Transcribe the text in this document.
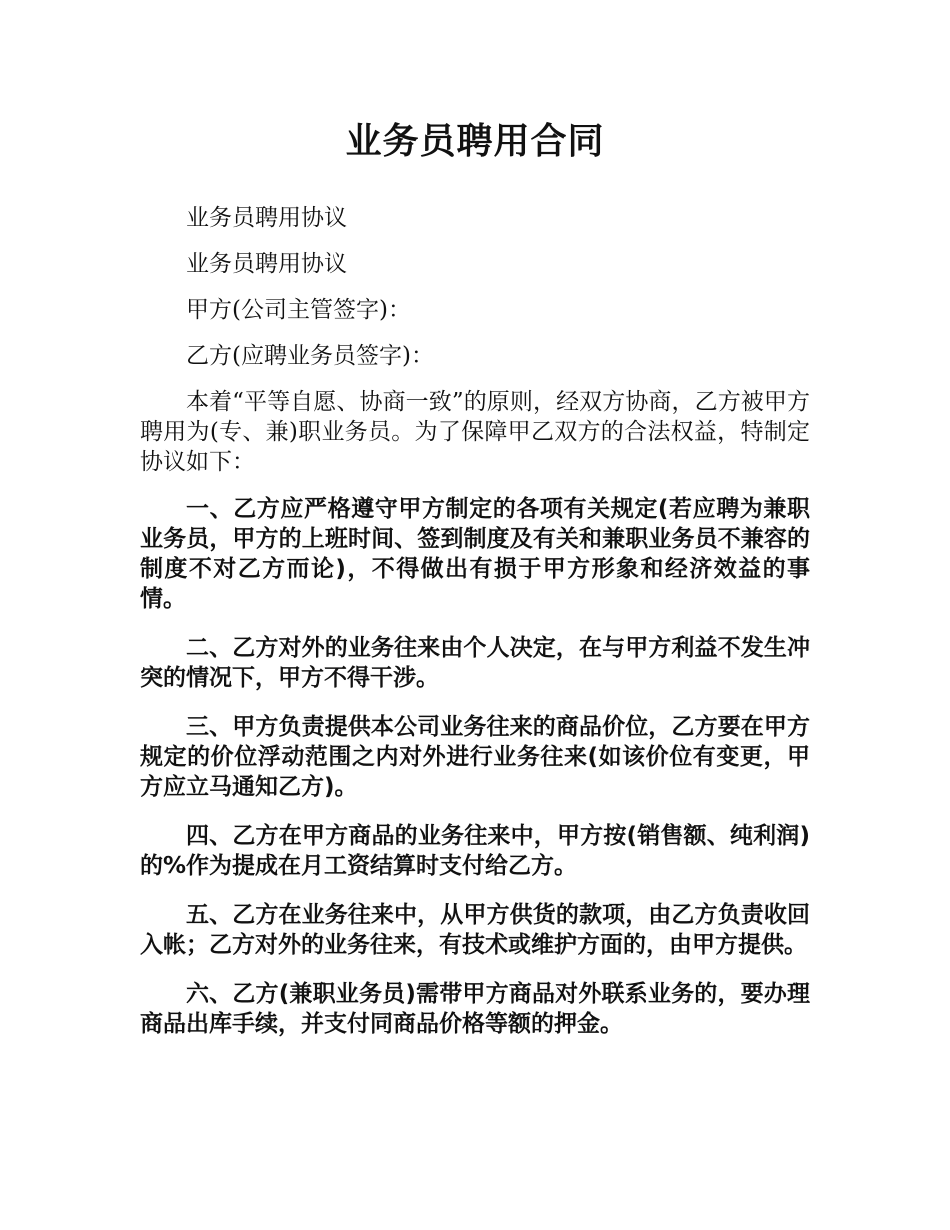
业务员聘用合同

业务员聘用协议

业务员聘用协议

甲方(公司主管签字)：

乙方(应聘业务员签字)：

本着“平等自愿、协商一致”的原则，经双方协商，乙方被甲方聘用为(专、兼)职业务员。为了保障甲乙双方的合法权益，特制定协议如下：

一、乙方应严格遵守甲方制定的各项有关规定(若应聘为兼职业务员，甲方的上班时间、签到制度及有关和兼职业务员不兼容的制度不对乙方而论)，不得做出有损于甲方形象和经济效益的事情。

二、乙方对外的业务往来由个人决定，在与甲方利益不发生冲突的情况下，甲方不得干涉。

三、甲方负责提供本公司业务往来的商品价位，乙方要在甲方规定的价位浮动范围之内对外进行业务往来(如该价位有变更，甲方应立马通知乙方)。

四、乙方在甲方商品的业务往来中，甲方按(销售额、纯利润)的%作为提成在月工资结算时支付给乙方。

五、乙方在业务往来中，从甲方供货的款项，由乙方负责收回入帐；乙方对外的业务往来，有技术或维护方面的，由甲方提供。

六、乙方(兼职业务员)需带甲方商品对外联系业务的，要办理商品出库手续，并支付同商品价格等额的押金。
